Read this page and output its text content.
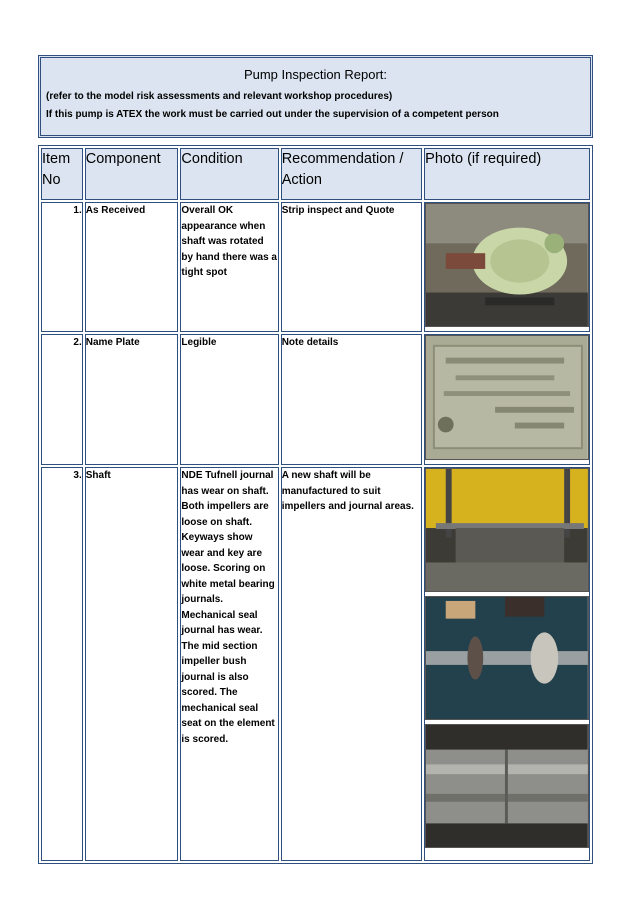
Pump Inspection Report:
(refer to the model risk assessments and relevant workshop procedures)
If this pump is ATEX the work must be carried out under the supervision of a competent person
Item No	Component	Condition	Recommendation / Action	Photo (if required)
1.	As Received	Overall OK appearance when shaft was rotated by hand there was a tight spot	Strip inspect and Quote	

2.	Name Plate	Legible	Note details	

3.	Shaft	NDE Tufnell journal has wear on shaft. Both impellers are loose on shaft. Keyways show wear and key are loose. Scoring on white metal bearing journals. Mechanical seal journal has wear. The mid section impeller bush journal is also scored. The mechanical seal seat on the element is scored.	A new shaft will be manufactured to suit impellers and journal areas.	
